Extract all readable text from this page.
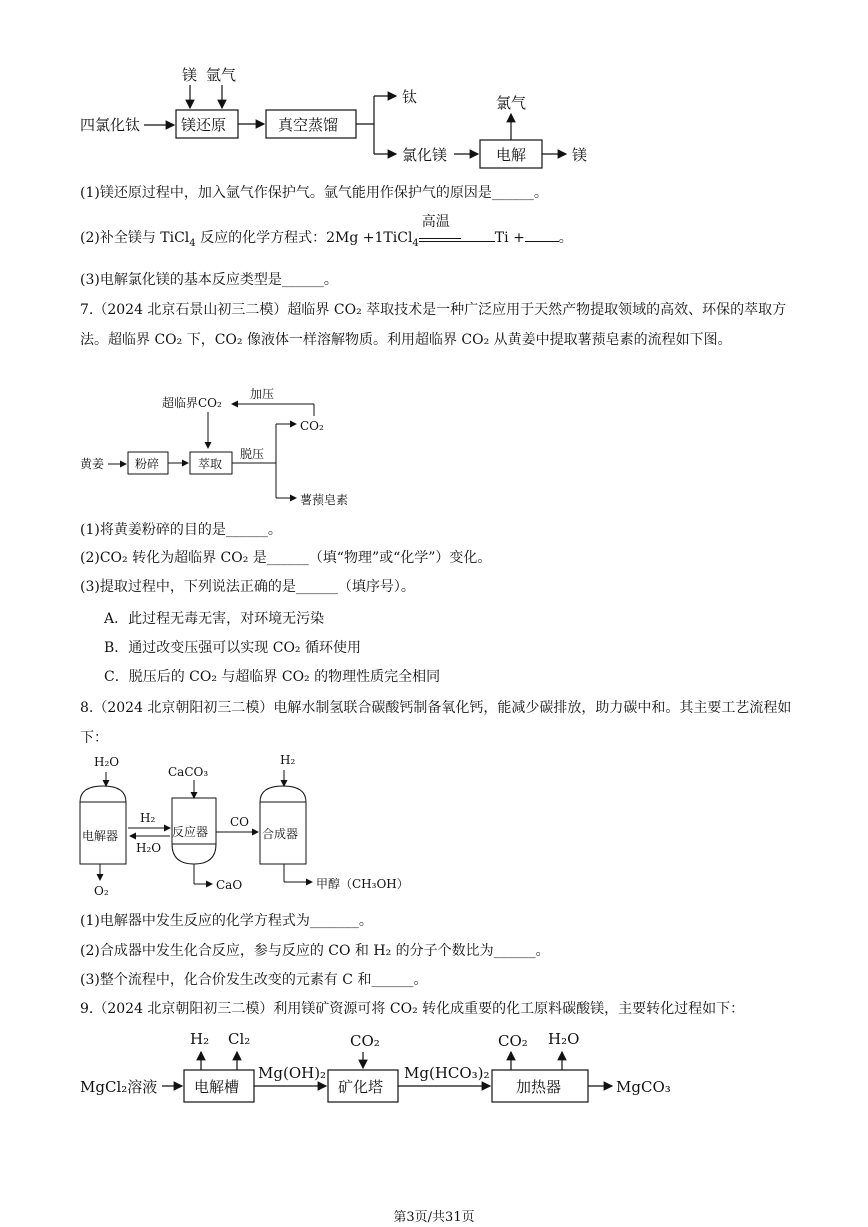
四氯化钛
镁 氩气
镁还原	真空蒸馏
钛
氯化镁	电解
氯气
镁
(1)镁还原过程中，加入氩气作保护气。氩气能用作保护气的原因是______。
(2)补全镁与 TiCl$_4$ 反应的化学方程式：2Mg +1TiCl$_4$
高温
Ti + 。
(3)电解氯化镁的基本反应类型是______。
7.（2024 北京石景山初三二模）超临界 CO₂ 萃取技术是一种广泛应用于天然产物提取领域的高效、环保的萃取方法。超临界 CO₂ 下，CO₂ 像液体一样溶解物质。利用超临界 CO₂ 从黄姜中提取薯蓣皂素的流程如下图。
超临界CO₂
加压
CO₂
黄姜	粉碎	萃取
脱压
薯蓣皂素
(1)将黄姜粉碎的目的是______。
(2)CO₂ 转化为超临界 CO₂ 是______（填“物理”或“化学”）变化。
(3)提取过程中，下列说法正确的是______（填序号）。
A．此过程无毒无害，对环境无污染
B．通过改变压强可以实现 CO₂ 循环使用
C．脱压后的 CO₂ 与超临界 CO₂ 的物理性质完全相同
8.（2024 北京朝阳初三二模）电解水制氢联合碳酸钙制备氧化钙，能减少碳排放，助力碳中和。其主要工艺流程如下：
H₂O
电解器
O₂
CaCO₃
反应器
H₂
H₂O
CaO
CO
H₂
合成器
甲醇（CH₃OH）
(1)电解器中发生反应的化学方程式为_______。
(2)合成器中发生化合反应，参与反应的 CO 和 H₂ 的分子个数比为______。
(3)整个流程中，化合价发生改变的元素有 C 和______。
9.（2024 北京朝阳初三二模）利用镁矿资源可将 CO₂ 转化成重要的化工原料碳酸镁，主要转化过程如下：
MgCl₂溶液 电解槽
H₂ Cl₂
Mg(OH)₂
矿化塔
CO₂
Mg(HCO₃)₂
加热器
CO₂ H₂O
MgCO₃
第3页/共31页
